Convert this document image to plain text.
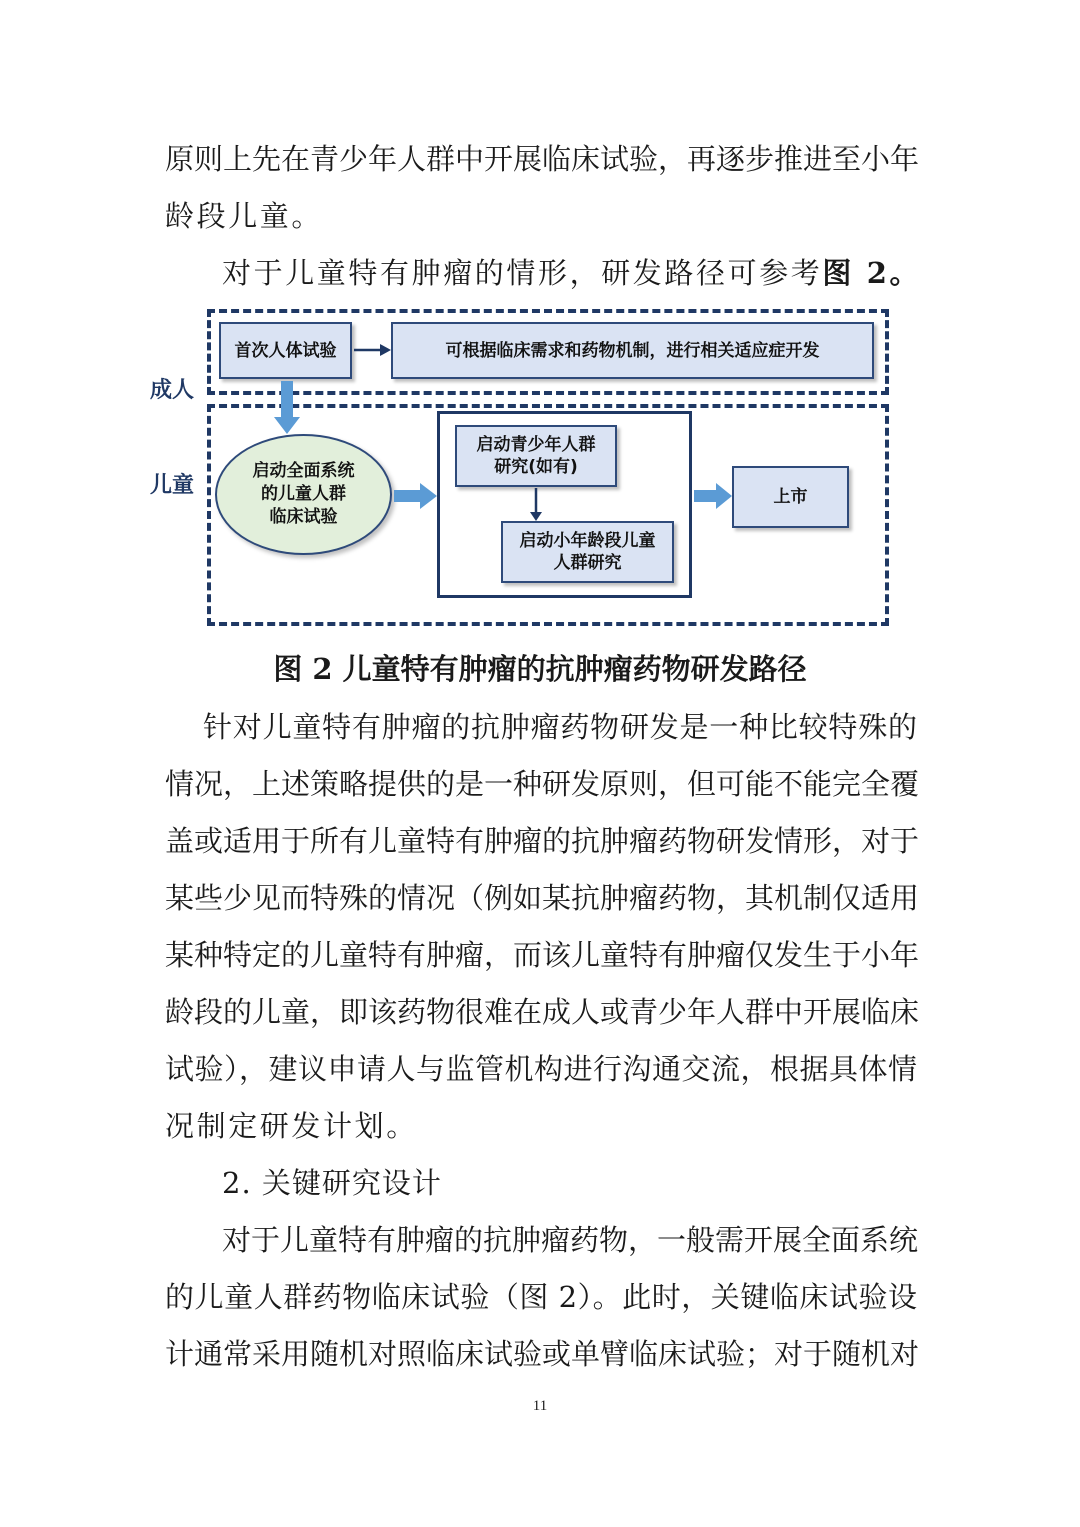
原则上先在青少年人群中开展临床试验，再逐步推进至小年
龄段儿童。
对于儿童特有肿瘤的情形，研发路径可参考图 2。
成人
儿童
首次人体试验	可根据临床需求和药物机制，进行相关适应症开发
启动全面系统
的儿童人群
临床试验
启动青少年人群
研究(如有)
启动小年龄段儿童
人群研究
上市
图 2 儿童特有肿瘤的抗肿瘤药物研发路径
针对儿童特有肿瘤的抗肿瘤药物研发是一种比较特殊的
情况，上述策略提供的是一种研发原则，但可能不能完全覆
盖或适用于所有儿童特有肿瘤的抗肿瘤药物研发情形，对于
某些少见而特殊的情况（例如某抗肿瘤药物，其机制仅适用
某种特定的儿童特有肿瘤，而该儿童特有肿瘤仅发生于小年
龄段的儿童，即该药物很难在成人或青少年人群中开展临床
试验），建议申请人与监管机构进行沟通交流，根据具体情
况制定研发计划。
2. 关键研究设计
对于儿童特有肿瘤的抗肿瘤药物，一般需开展全面系统
的儿童人群药物临床试验（图 2）。此时，关键临床试验设
计通常采用随机对照临床试验或单臂临床试验；对于随机对
11
